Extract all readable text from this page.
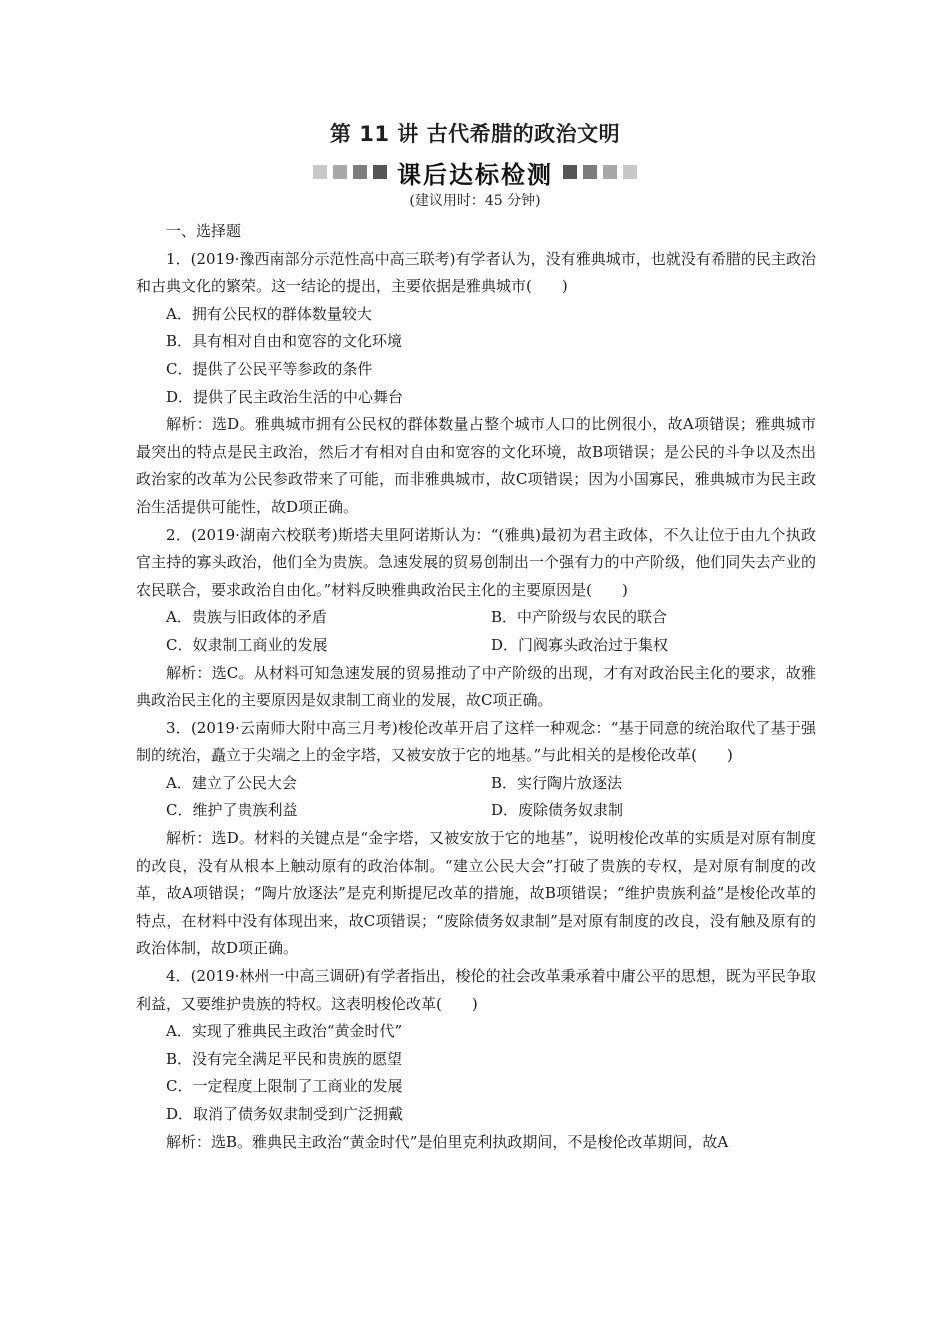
第 11 讲 古代希腊的政治文明
课后达标检测
(建议用时：45 分钟)

一、选择题

1．(2019·豫西南部分示范性高中高三联考)有学者认为，没有雅典城市，也就没有希腊的民主政治和古典文化的繁荣。这一结论的提出，主要依据是雅典城市(　　)

A．拥有公民权的群体数量较大

B．具有相对自由和宽容的文化环境

C．提供了公民平等参政的条件

D．提供了民主政治生活的中心舞台

解析：选D。雅典城市拥有公民权的群体数量占整个城市人口的比例很小，故A项错误；雅典城市最突出的特点是民主政治，然后才有相对自由和宽容的文化环境，故B项错误；是公民的斗争以及杰出政治家的改革为公民参政带来了可能，而非雅典城市，故C项错误；因为小国寡民，雅典城市为民主政治生活提供可能性，故D项正确。

2．(2019·湖南六校联考)斯塔夫里阿诺斯认为：“(雅典)最初为君主政体，不久让位于由九个执政官主持的寡头政治，他们全为贵族。急速发展的贸易创制出一个强有力的中产阶级，他们同失去产业的农民联合，要求政治自由化。”材料反映雅典政治民主化的主要原因是(　　)

A．贵族与旧政体的矛盾	B．中产阶级与农民的联合
C．奴隶制工商业的发展	D．门阀寡头政治过于集权

解析：选C。从材料可知急速发展的贸易推动了中产阶级的出现，才有对政治民主化的要求，故雅典政治民主化的主要原因是奴隶制工商业的发展，故C项正确。

3．(2019·云南师大附中高三月考)梭伦改革开启了这样一种观念：“基于同意的统治取代了基于强制的统治，矗立于尖端之上的金字塔，又被安放于它的地基。”与此相关的是梭伦改革(　　)

A．建立了公民大会	B．实行陶片放逐法
C．维护了贵族利益	D．废除债务奴隶制

解析：选D。材料的关键点是“金字塔，又被安放于它的地基”，说明梭伦改革的实质是对原有制度的改良，没有从根本上触动原有的政治体制。“建立公民大会”打破了贵族的专权，是对原有制度的改革，故A项错误；“陶片放逐法”是克利斯提尼改革的措施，故B项错误；“维护贵族利益”是梭伦改革的特点，在材料中没有体现出来，故C项错误；“废除债务奴隶制”是对原有制度的改良，没有触及原有的政治体制，故D项正确。

4．(2019·林州一中高三调研)有学者指出，梭伦的社会改革秉承着中庸公平的思想，既为平民争取利益，又要维护贵族的特权。这表明梭伦改革(　　)

A．实现了雅典民主政治“黄金时代”

B．没有完全满足平民和贵族的愿望

C．一定程度上限制了工商业的发展

D．取消了债务奴隶制受到广泛拥戴

解析：选B。雅典民主政治“黄金时代”是伯里克利执政期间，不是梭伦改革期间，故A
